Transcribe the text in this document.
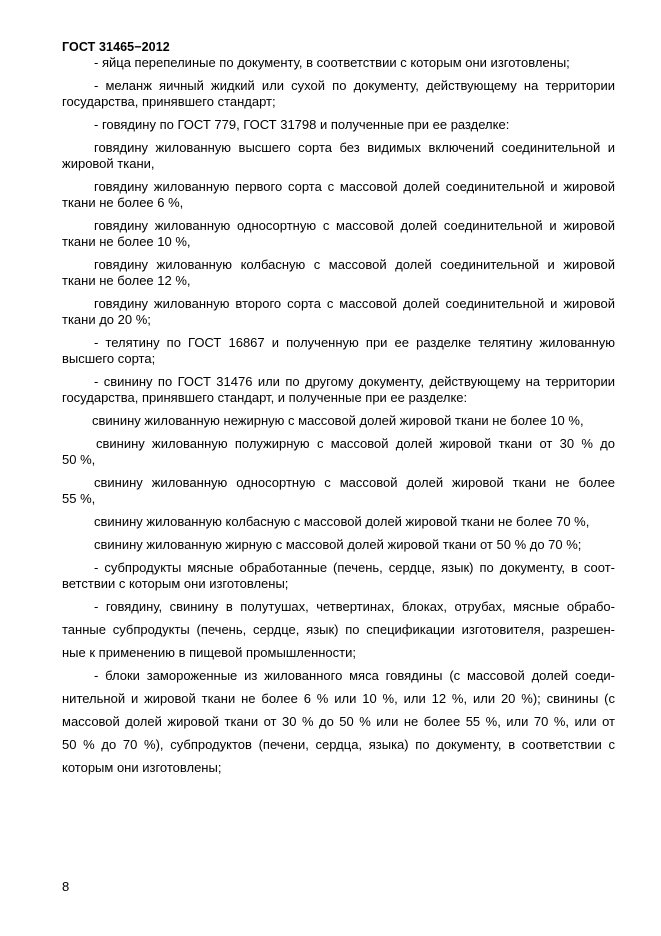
ГОСТ 31465−2012
- яйца перепелиные по документу, в соответствии с которым они изготовлены;
- меланж яичный жидкий или сухой по документу, действующему на территории
государства, принявшего стандарт;
- говядину по ГОСТ 779, ГОСТ 31798 и полученные при ее разделке:
говядину жилованную высшего сорта без видимых включений соединительной и
жировой ткани,
говядину жилованную первого сорта с массовой долей соединительной и жировой
ткани не более 6 %,
говядину жилованную односортную с массовой долей соединительной и жировой
ткани не более 10 %,
говядину жилованную колбасную с массовой долей соединительной и жировой
ткани не более 12 %,
говядину жилованную второго сорта с массовой долей соединительной и жировой
ткани до 20 %;
- телятину по ГОСТ 16867 и полученную при ее разделке телятину жилованную
высшего сорта;
- свинину по ГОСТ 31476 или по другому документу, действующему на территории
государства, принявшего стандарт, и полученные при ее разделке:
свинину жилованную нежирную с массовой долей жировой ткани не более 10 %,
свинину жилованную полужирную с массовой долей жировой ткани от 30 % до
50 %,
свинину жилованную односортную с массовой долей жировой ткани не более
55 %,
свинину жилованную колбасную с массовой долей жировой ткани не более 70 %,
свинину жилованную жирную с массовой долей жировой ткани от 50 % до 70 %;
- субпродукты мясные обработанные (печень, сердце, язык) по документу, в соот-
ветствии с которым они изготовлены;
- говядину, свинину в полутушах, четвертинах, блоках, отрубах, мясные обрабо-
танные субпродукты (печень, сердце, язык) по спецификации изготовителя, разрешен-
ные к применению в пищевой промышленности;
- блоки замороженные из жилованного мяса говядины (с массовой долей соеди-
нительной и жировой ткани не более 6 % или 10 %, или 12 %, или 20 %); свинины (с
массовой долей жировой ткани от 30 % до 50 % или не более 55 %, или 70 %, или от
50 % до 70 %), субпродуктов (печени, сердца, языка) по документу, в соответствии с
которым они изготовлены;
8
